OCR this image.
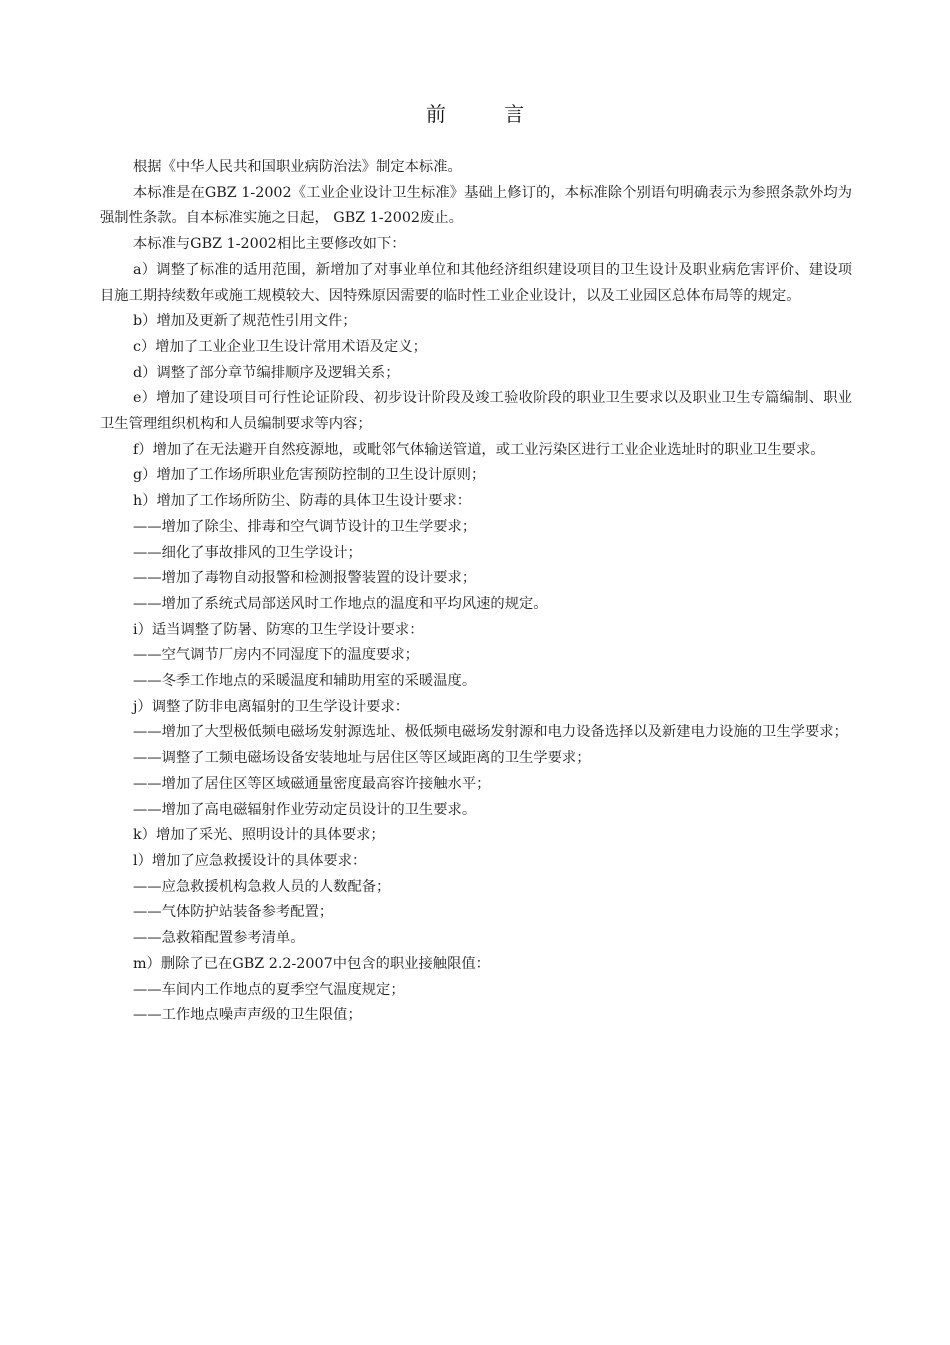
前 言

根据《中华人民共和国职业病防治法》制定本标准。

本标准是在GBZ 1-2002《工业企业设计卫生标准》基础上修订的，本标准除个别语句明确表示为参照条款外均为强制性条款。自本标准实施之日起， GBZ 1-2002废止。

本标准与GBZ 1-2002相比主要修改如下：

a）调整了标准的适用范围，新增加了对事业单位和其他经济组织建设项目的卫生设计及职业病危害评价、建设项目施工期持续数年或施工规模较大、因特殊原因需要的临时性工业企业设计，以及工业园区总体布局等的规定。

b）增加及更新了规范性引用文件；

c）增加了工业企业卫生设计常用术语及定义；

d）调整了部分章节编排顺序及逻辑关系；

e）增加了建设项目可行性论证阶段、初步设计阶段及竣工验收阶段的职业卫生要求以及职业卫生专篇编制、职业卫生管理组织机构和人员编制要求等内容；

f）增加了在无法避开自然疫源地，或毗邻气体输送管道，或工业污染区进行工业企业选址时的职业卫生要求。

g）增加了工作场所职业危害预防控制的卫生设计原则；

h）增加了工作场所防尘、防毒的具体卫生设计要求：

——增加了除尘、排毒和空气调节设计的卫生学要求；

——细化了事故排风的卫生学设计；

——增加了毒物自动报警和检测报警装置的设计要求；

——增加了系统式局部送风时工作地点的温度和平均风速的规定。

i）适当调整了防暑、防寒的卫生学设计要求：

——空气调节厂房内不同湿度下的温度要求；

——冬季工作地点的采暖温度和辅助用室的采暖温度。

j）调整了防非电离辐射的卫生学设计要求：

——增加了大型极低频电磁场发射源选址、极低频电磁场发射源和电力设备选择以及新建电力设施的卫生学要求；

——调整了工频电磁场设备安装地址与居住区等区域距离的卫生学要求；

——增加了居住区等区域磁通量密度最高容许接触水平；

——增加了高电磁辐射作业劳动定员设计的卫生要求。

k）增加了采光、照明设计的具体要求；

l）增加了应急救援设计的具体要求：

——应急救援机构急救人员的人数配备；

——气体防护站装备参考配置；

——急救箱配置参考清单。

m）删除了已在GBZ 2.2-2007中包含的职业接触限值：

——车间内工作地点的夏季空气温度规定；

——工作地点噪声声级的卫生限值；
